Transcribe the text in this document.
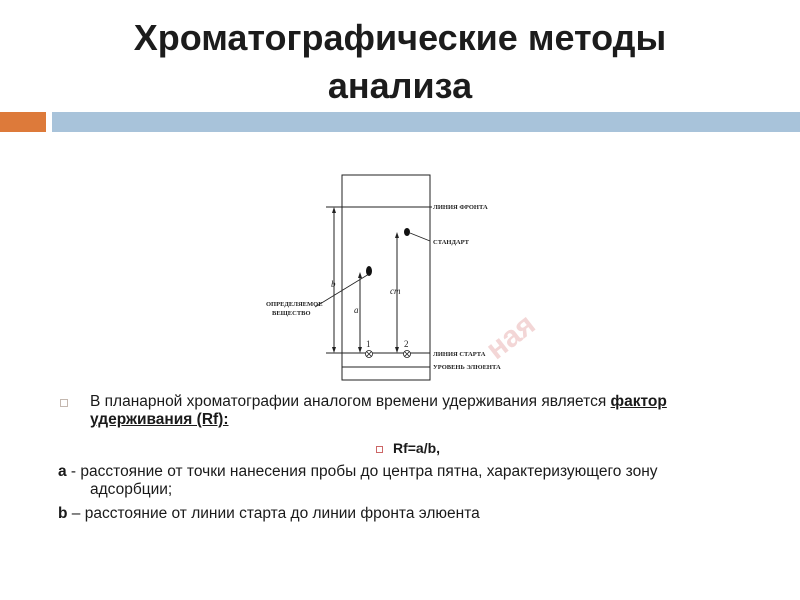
Хроматографические методы
анализа
b
a
ст
1	2
ЛИНИЯ ФРОНТА
СТАНДАРТ
ОПРЕДЕЛЯЕМОЕ
ВЕЩЕСТВО
ЛИНИЯ СТАРТА
УРОВЕНЬ ЭЛЮЕНТА
ная
В планарной хроматографии аналогом времени удерживания является фактор удерживания (Rf):
Rf=a/b,
a - расстояние от точки нанесения пробы до центра пятна, характеризующего зону
адсорбции;
b – расстояние от линии старта до линии фронта элюента
